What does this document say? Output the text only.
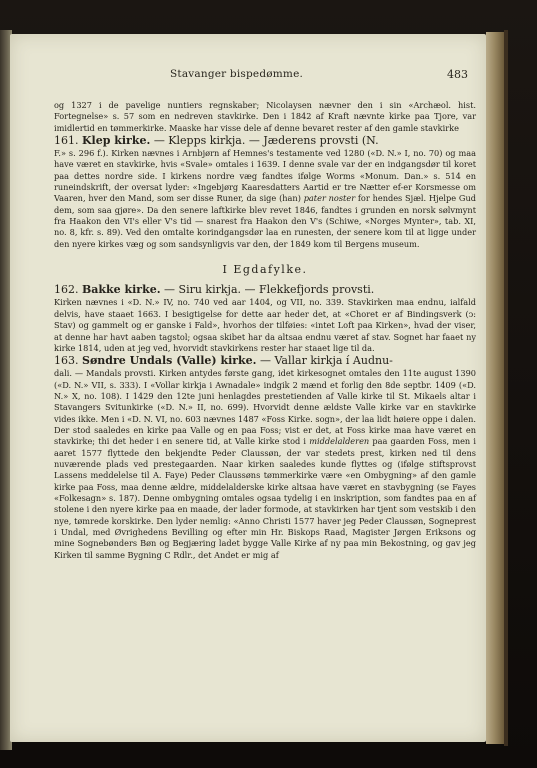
Stavanger bispedømme.	483

og 1327 i de pavelige nuntiers regnskaber; Nicolaysen nævner den i sin «Archæol. hist. Fortegnelse» s. 57 som en nedreven stavkirke. Den i 1842 af Kraft nævnte kirke paa Tjore, var imidlertid en tømmerkirke. Maaske har visse dele af denne bevaret rester af den gamle stavkirke

161. Klep kirke. — Klepps kirkja. — Jæderens provsti (N.

F.» s. 296 f.). Kirken nævnes i Arnbjørn af Hemnes's testamente ved 1280 («D. N.» I, no. 70) og maa have været en stavkirke, hvis «Svale» omtales i 1639. I denne svale var der en indgangsdør til koret paa dettes nordre side. I kirkens nordre væg fandtes ifølge Worms «Monum. Dan.» s. 514 en runeindskrift, der oversat lyder: «Ingebjørg Kaaresdatters Aartid er tre Nætter ef-er Korsmesse om Vaaren, hver den Mand, som ser disse Runer, da sige (han) pater noster for hendes Sjæl. Hjelpe Gud dem, som saa gjøre». Da den senere laftkirke blev revet 1846, fandtes i grunden en norsk sølvmynt fra Haakon den VI's eller V's tid — snarest fra Haakon den V's (Schiwe, «Norges Mynter», tab. XI, no. 8, kfr. s. 89). Ved den omtalte korindgangsdør laa en runesten, der senere kom til at ligge under den nyere kirkes væg og som sandsynligvis var den, der 1849 kom til Bergens museum.

I Egdafylke.

162. Bakke kirke. — Siru kirkja. — Flekkefjords provsti.

Kirken nævnes i «D. N.» IV, no. 740 ved aar 1404, og VII, no. 339. Stavkirken maa endnu, ialfald delvis, have staaet 1663. I besigtigelse for dette aar heder det, at «Choret er af Bindingsverk (ↄ: Stav) og gammelt og er ganske i Fald», hvorhos der tilføies: «intet Loft paa Kirken», hvad der viser, at denne har havt aaben tagstol; ogsaa skibet har da altsaa endnu været af stav. Sognet har faaet ny kirke 1814, uden at jeg ved, hvorvidt stavkirkens rester har staaet lige til da.

163. Søndre Undals (Valle) kirke. — Vallar kirkja í Audnu-

dali. — Mandals provsti. Kirken antydes første gang, idet kirkesognet omtales den 11te august 1390 («D. N.» VII, s. 333). I «Vollar kirkja i Awnadale» indgik 2 mænd et forlig den 8de septbr. 1409 («D. N.» X, no. 108). I 1429 den 12te juni henlagdes prestetienden af Valle kirke til St. Mikaels altar i Stavangers Svitunkirke («D. N.» II, no. 699). Hvorvidt denne ældste Valle kirke var en stavkirke vides ikke. Men i «D. N. VI, no. 603 nævnes 1487 «Foss Kirke. sogn», der laa lidt høiere oppe i dalen. Der stod saaledes en kirke paa Valle og en paa Foss; vist er det, at Foss kirke maa have været en stavkirke; thi det heder i en senere tid, at Valle kirke stod i middelalderen paa gaarden Foss, men i aaret 1577 flyttede den bekjendte Peder Claussøn, der var stedets prest, kirken ned til dens nuværende plads ved prestegaarden. Naar kirken saaledes kunde flyttes og (ifølge stiftsprovst Lassens meddelelse til A. Faye) Peder Claussøns tømmerkirke være «en Ombygning» af den gamle kirke paa Foss, maa denne ældre, middelalderske kirke altsaa have været en stavbygning (se Fayes «Folkesagn» s. 187). Denne ombygning omtales ogsaa tydelig i en inskription, som fandtes paa en af stolene i den nyere kirke paa en maade, der lader formode, at stavkirken har tjent som vestskib i den nye, tømrede korskirke. Den lyder nemlig: «Anno Christi 1577 haver jeg Peder Claussøn, Sogneprest i Undal, med Øvrighedens Bevilling og efter min Hr. Biskops Raad, Magister Jørgen Eriksons og mine Sognebønders Bøn og Begjæring ladet bygge Valle Kirke af ny paa min Bekostning, og gav jeg Kirken til samme Bygning C Rdlr., det Andet er mig af
